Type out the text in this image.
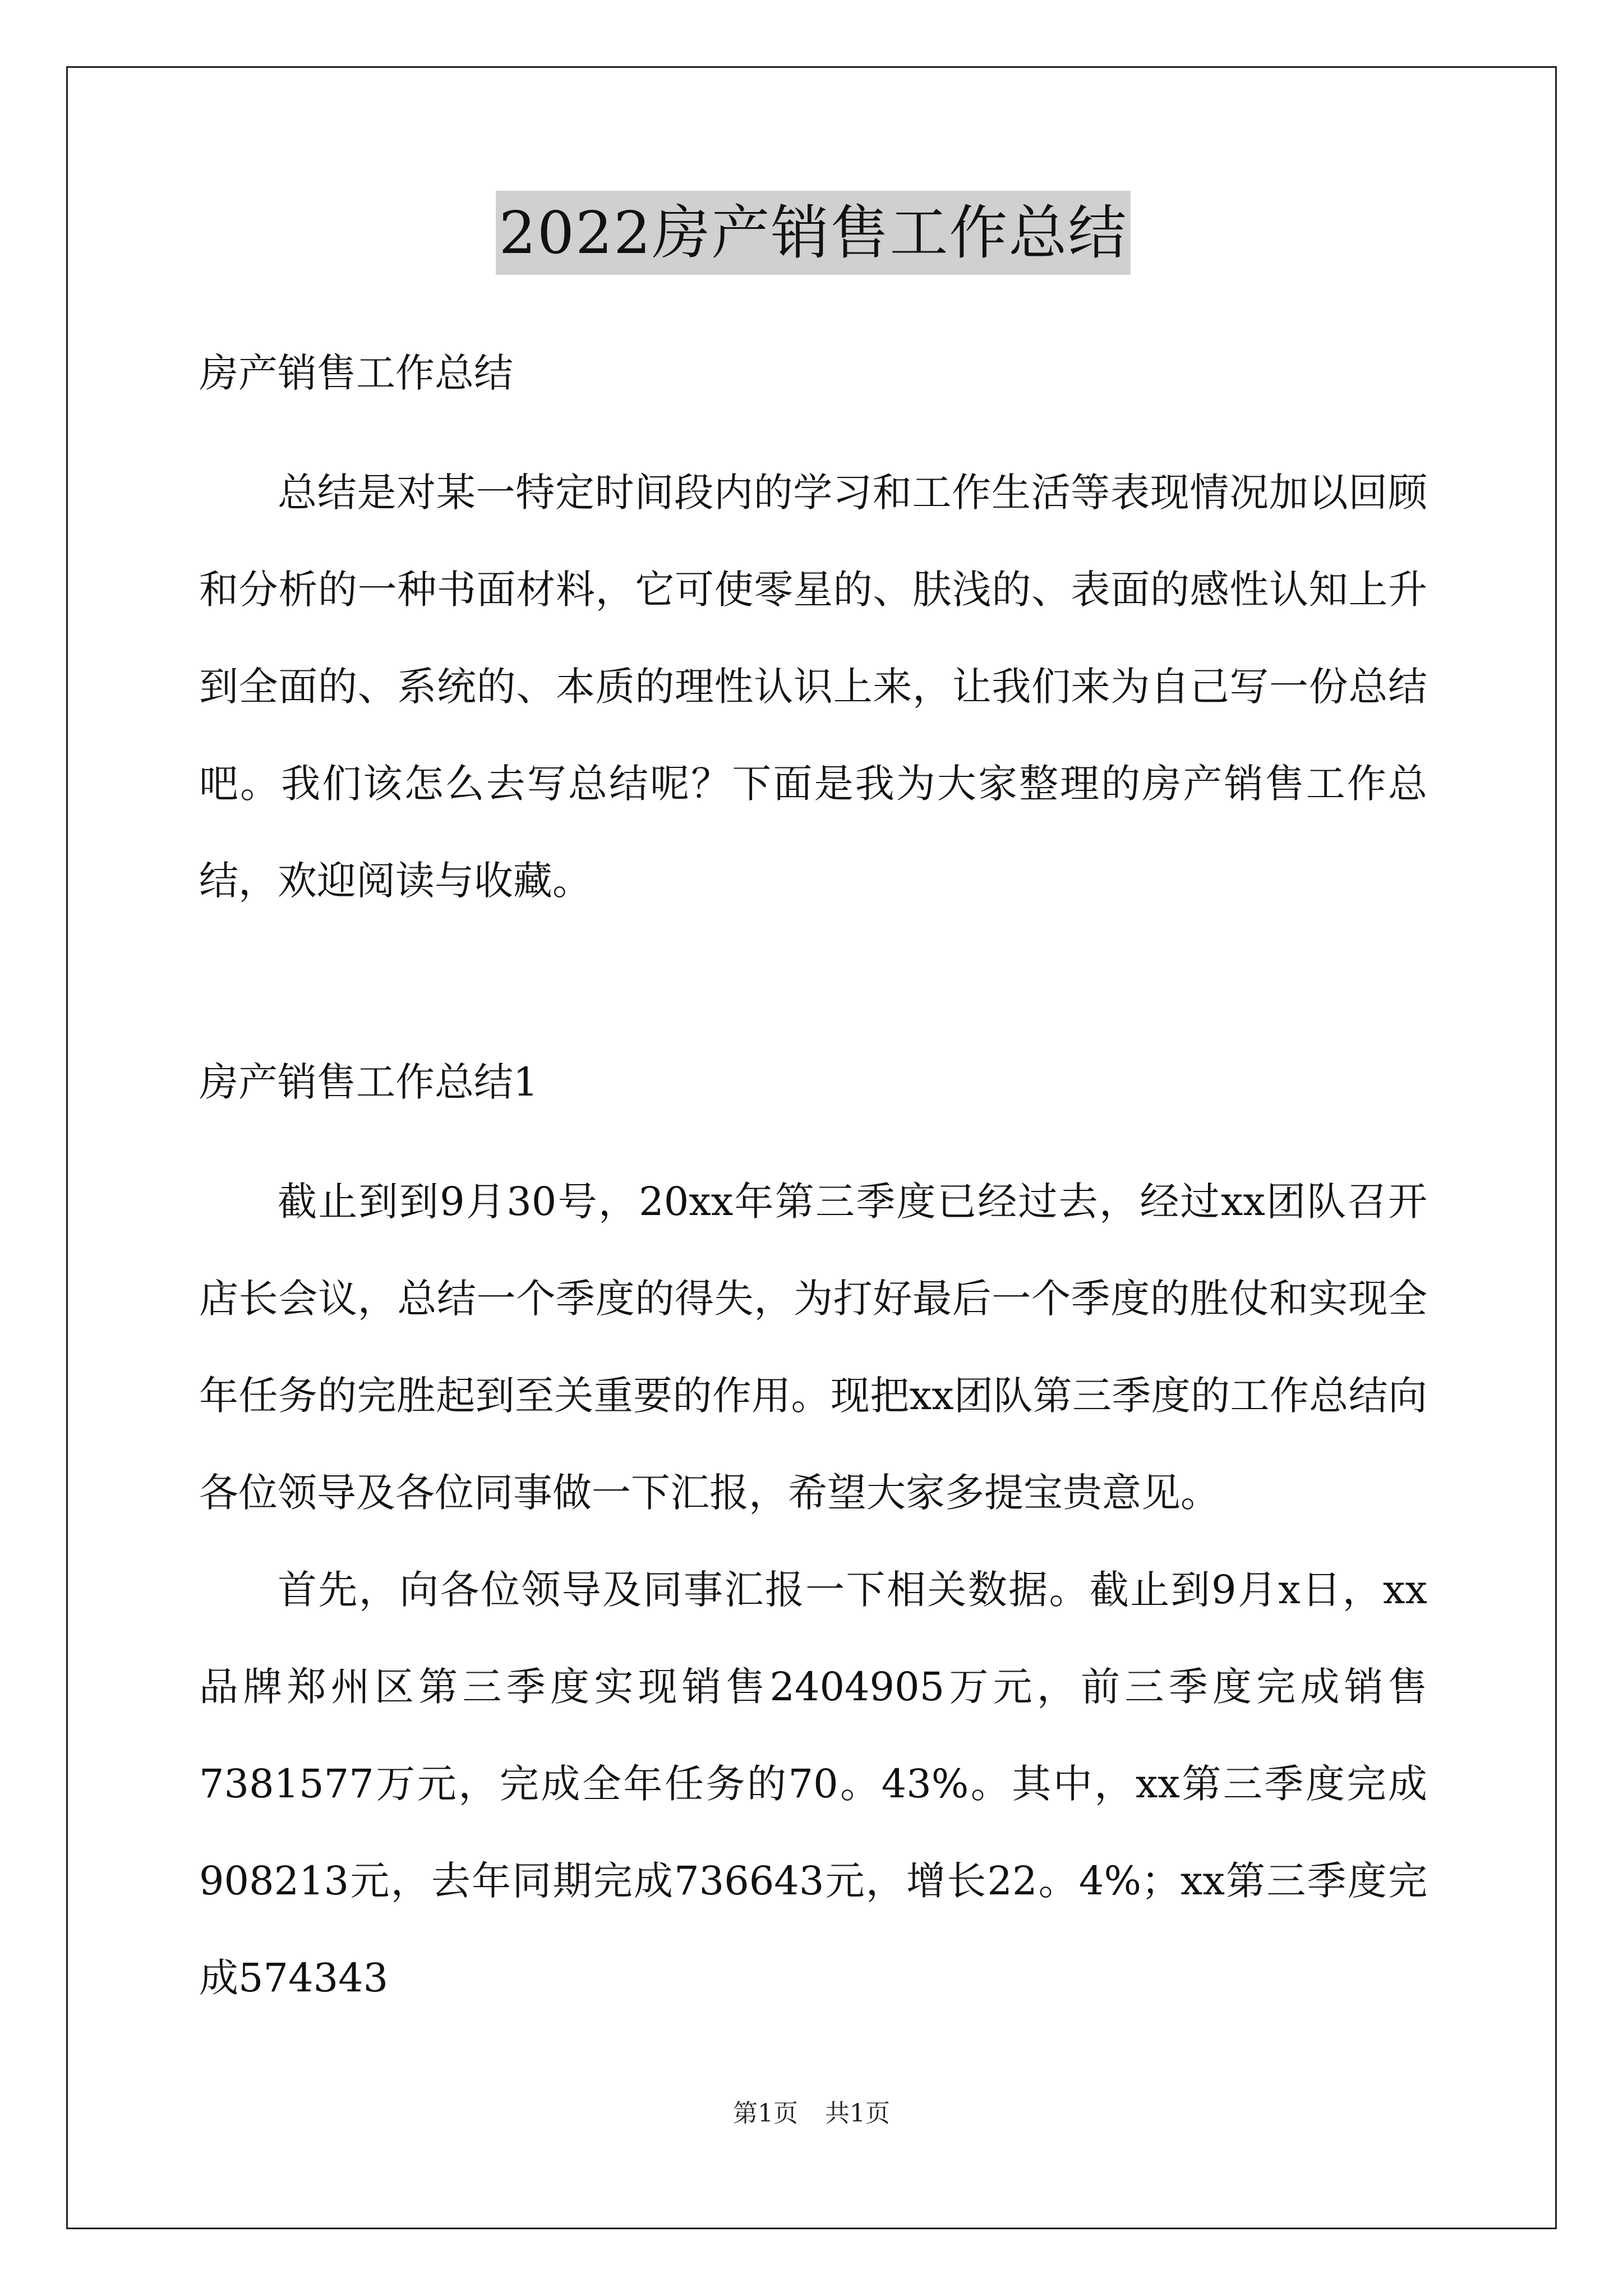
2022房产销售工作总结

房产销售工作总结

总结是对某一特定时间段内的学习和工作生活等表现情况加以回顾和分析的一种书面材料，它可使零星的、肤浅的、表面的感性认知上升到全面的、系统的、本质的理性认识上来，让我们来为自己写一份总结吧。我们该怎么去写总结呢？下面是我为大家整理的房产销售工作总结，欢迎阅读与收藏。

房产销售工作总结1

截止到到9月30号，20xx年第三季度已经过去，经过xx团队召开店长会议，总结一个季度的得失，为打好最后一个季度的胜仗和实现全年任务的完胜起到至关重要的作用。现把xx团队第三季度的工作总结向各位领导及各位同事做一下汇报，希望大家多提宝贵意见。

首先，向各位领导及同事汇报一下相关数据。截止到9月x日，xx品牌郑州区第三季度实现销售2404905万元，前三季度完成销售7381577万元，完成全年任务的70。43%。其中，xx第三季度完成908213元，去年同期完成736643元，增长22。4%；xx第三季度完成574343

第1页 共1页
